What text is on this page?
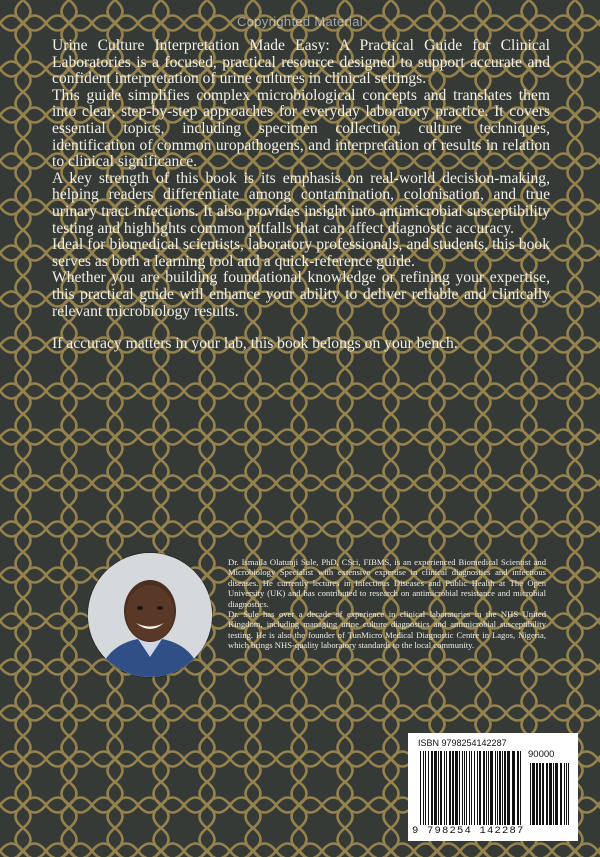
Copyrighted Material

Urine Culture Interpretation Made Easy: A Practical Guide for Clinical Laboratories is a focused, practical resource designed to support accurate and confident interpretation of urine cultures in clinical settings.

This guide simplifies complex microbiological concepts and translates them into clear, step-by-step approaches for everyday laboratory practice. It covers essential topics, including specimen collection, culture techniques, identification of common uropathogens, and interpretation of results in relation to clinical significance.

A key strength of this book is its emphasis on real-world decision-making, helping readers differentiate among contamination, colonisation, and true urinary tract infections. It also provides insight into antimicrobial susceptibility testing and highlights common pitfalls that can affect diagnostic accuracy.

Ideal for biomedical scientists, laboratory professionals, and students, this book serves as both a learning tool and a quick-reference guide.

Whether you are building foundational knowledge or refining your expertise, this practical guide will enhance your ability to deliver reliable and clinically relevant microbiology results.

If accuracy matters in your lab, this book belongs on your bench.

Dr. Ismaila Olatunji Sule, PhD, CSci, FIBMS, is an experienced Biomedical Scientist and Microbiology Specialist with extensive expertise in clinical diagnostics and infectious diseases. He currently lectures in Infectious Diseases and Public Health at The Open University (UK) and has contributed to research on antimicrobial resistance and microbial diagnostics.

Dr. Sule has over a decade of experience in clinical laboratories in the NHS United Kingdom, including managing urine culture diagnostics and antimicrobial susceptibility testing. He is also the founder of TunMicro Medical Diagnostic Centre in Lagos, Nigeria, which brings NHS-quality laboratory standards to the local community.

ISBN 9798254142287
90000
9 798254 142287
